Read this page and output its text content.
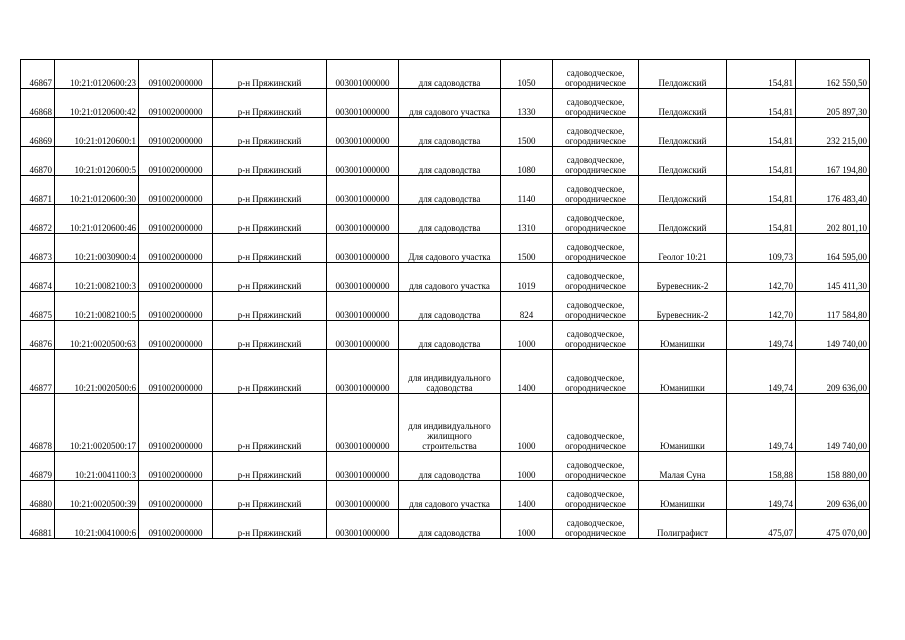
46867	10:21:0120600:23	091002000000	р-н Пряжинский	003001000000	для садоводства	1050	садоводческое, огородническое	Пелдожский	154,81	162 550,50
46868	10:21:0120600:42	091002000000	р-н Пряжинский	003001000000	для садового участка	1330	садоводческое, огородническое	Пелдожский	154,81	205 897,30
46869	10:21:0120600:1	091002000000	р-н Пряжинский	003001000000	для садоводства	1500	садоводческое, огородническое	Пелдожский	154,81	232 215,00
46870	10:21:0120600:5	091002000000	р-н Пряжинский	003001000000	для садоводства	1080	садоводческое, огородническое	Пелдожский	154,81	167 194,80
46871	10:21:0120600:30	091002000000	р-н Пряжинский	003001000000	для садоводства	1140	садоводческое, огородническое	Пелдожский	154,81	176 483,40
46872	10:21:0120600:46	091002000000	р-н Пряжинский	003001000000	для садоводства	1310	садоводческое, огородническое	Пелдожский	154,81	202 801,10
46873	10:21:0030900:4	091002000000	р-н Пряжинский	003001000000	Для садового участка	1500	садоводческое, огородническое	Геолог 10:21	109,73	164 595,00
46874	10:21:0082100:3	091002000000	р-н Пряжинский	003001000000	для садового участка	1019	садоводческое, огородническое	Буревесник-2	142,70	145 411,30
46875	10:21:0082100:5	091002000000	р-н Пряжинский	003001000000	для садоводства	824	садоводческое, огородническое	Буревесник-2	142,70	117 584,80
46876	10:21:0020500:63	091002000000	р-н Пряжинский	003001000000	для садоводства	1000	садоводческое, огородническое	Юманишки	149,74	149 740,00
46877	10:21:0020500:6	091002000000	р-н Пряжинский	003001000000	для индивидуального садоводства	1400	садоводческое, огородническое	Юманишки	149,74	209 636,00
46878	10:21:0020500:17	091002000000	р-н Пряжинский	003001000000	для индивидуального жилищного строительства	1000	садоводческое, огородническое	Юманишки	149,74	149 740,00
46879	10:21:0041100:3	091002000000	р-н Пряжинский	003001000000	для садоводства	1000	садоводческое, огородническое	Малая Суна	158,88	158 880,00
46880	10:21:0020500:39	091002000000	р-н Пряжинский	003001000000	для садового участка	1400	садоводческое, огородническое	Юманишки	149,74	209 636,00
46881	10:21:0041000:6	091002000000	р-н Пряжинский	003001000000	для садоводства	1000	садоводческое, огородническое	Полиграфист	475,07	475 070,00
